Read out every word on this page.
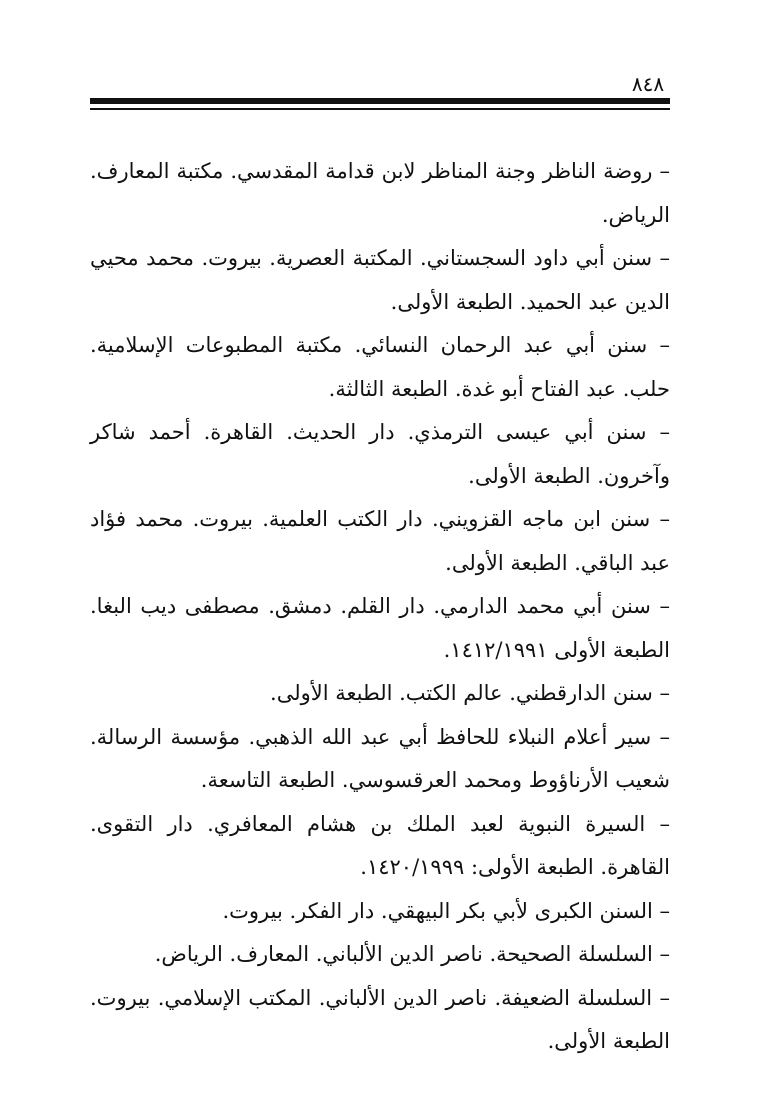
٨٤٨
– روضة الناظر وجنة المناظر لابن قدامة المقدسي. مكتبة المعارف. الرياض.
– سنن أبي داود السجستاني. المكتبة العصرية. بيروت. محمد محيي الدين عبد الحميد. الطبعة الأولى.
– سنن أبي عبد الرحمان النسائي. مكتبة المطبوعات الإسلامية. حلب. عبد الفتاح أبو غدة. الطبعة الثالثة.
– سنن أبي عيسى الترمذي. دار الحديث. القاهرة. أحمد شاكر وآخرون. الطبعة الأولى.
– سنن ابن ماجه القزويني. دار الكتب العلمية. بيروت. محمد فؤاد عبد الباقي. الطبعة الأولى.
– سنن أبي محمد الدارمي. دار القلم. دمشق. مصطفى ديب البغا. الطبعة الأولى ١٤١٢/١٩٩١.
– سنن الدارقطني. عالم الكتب. الطبعة الأولى.
– سير أعلام النبلاء للحافظ أبي عبد الله الذهبي. مؤسسة الرسالة. شعيب الأرناؤوط ومحمد العرقسوسي. الطبعة التاسعة.
– السيرة النبوية لعبد الملك بن هشام المعافري. دار التقوى. القاهرة. الطبعة الأولى: ١٤٢٠/١٩٩٩.
– السنن الكبرى لأبي بكر البيهقي. دار الفكر. بيروت.
– السلسلة الصحيحة. ناصر الدين الألباني. المعارف. الرياض.
– السلسلة الضعيفة. ناصر الدين الألباني. المكتب الإسلامي. بيروت. الطبعة الأولى.
